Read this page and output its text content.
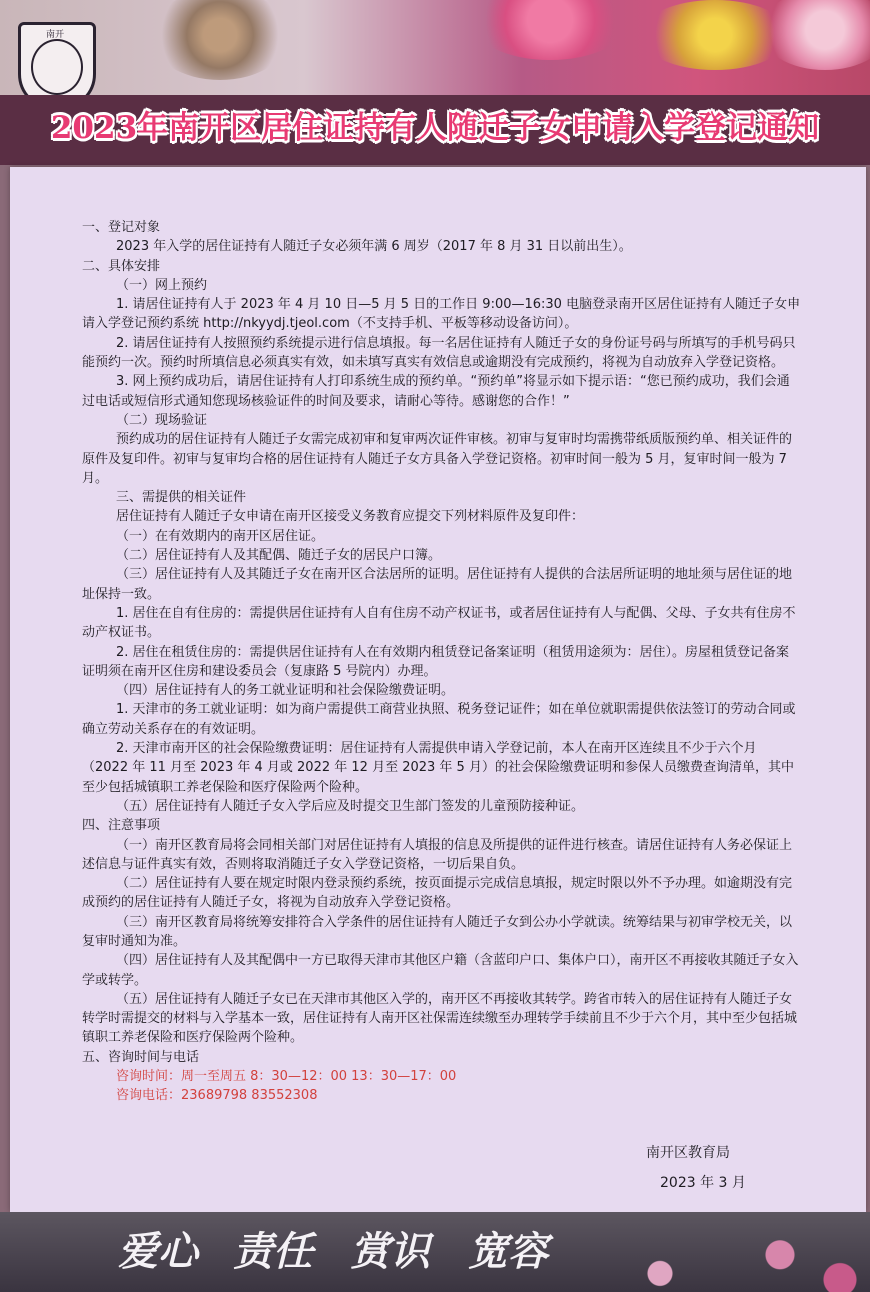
南开
2023年南开区居住证持有人随迁子女申请入学登记通知

一、登记对象

2023 年入学的居住证持有人随迁子女必须年满 6 周岁（2017 年 8 月 31 日以前出生）。

二、具体安排

（一）网上预约

1. 请居住证持有人于 2023 年 4 月 10 日—5 月 5 日的工作日 9:00—16:30 电脑登录南开区居住证持有人随迁子女申请入学登记预约系统 http://nkyydj.tjeol.com（不支持手机、平板等移动设备访问）。

2. 请居住证持有人按照预约系统提示进行信息填报。每一名居住证持有人随迁子女的身份证号码与所填写的手机号码只能预约一次。预约时所填信息必须真实有效，如未填写真实有效信息或逾期没有完成预约，将视为自动放弃入学登记资格。

3. 网上预约成功后，请居住证持有人打印系统生成的预约单。“预约单”将显示如下提示语：“您已预约成功，我们会通过电话或短信形式通知您现场核验证件的时间及要求，请耐心等待。感谢您的合作！”

（二）现场验证

预约成功的居住证持有人随迁子女需完成初审和复审两次证件审核。初审与复审时均需携带纸质版预约单、相关证件的原件及复印件。初审与复审均合格的居住证持有人随迁子女方具备入学登记资格。初审时间一般为 5 月，复审时间一般为 7 月。

三、需提供的相关证件

居住证持有人随迁子女申请在南开区接受义务教育应提交下列材料原件及复印件：

（一）在有效期内的南开区居住证。

（二）居住证持有人及其配偶、随迁子女的居民户口簿。

（三）居住证持有人及其随迁子女在南开区合法居所的证明。居住证持有人提供的合法居所证明的地址须与居住证的地址保持一致。

1. 居住在自有住房的：需提供居住证持有人自有住房不动产权证书，或者居住证持有人与配偶、父母、子女共有住房不动产权证书。

2. 居住在租赁住房的：需提供居住证持有人在有效期内租赁登记备案证明（租赁用途须为：居住）。房屋租赁登记备案证明须在南开区住房和建设委员会（复康路 5 号院内）办理。

（四）居住证持有人的务工就业证明和社会保险缴费证明。

1. 天津市的务工就业证明：如为商户需提供工商营业执照、税务登记证件；如在单位就职需提供依法签订的劳动合同或确立劳动关系存在的有效证明。

2. 天津市南开区的社会保险缴费证明：居住证持有人需提供申请入学登记前，本人在南开区连续且不少于六个月（2022 年 11 月至 2023 年 4 月或 2022 年 12 月至 2023 年 5 月）的社会保险缴费证明和参保人员缴费查询清单，其中至少包括城镇职工养老保险和医疗保险两个险种。

（五）居住证持有人随迁子女入学后应及时提交卫生部门签发的儿童预防接种证。

四、注意事项

（一）南开区教育局将会同相关部门对居住证持有人填报的信息及所提供的证件进行核查。请居住证持有人务必保证上述信息与证件真实有效，否则将取消随迁子女入学登记资格，一切后果自负。

（二）居住证持有人要在规定时限内登录预约系统，按页面提示完成信息填报，规定时限以外不予办理。如逾期没有完成预约的居住证持有人随迁子女，将视为自动放弃入学登记资格。

（三）南开区教育局将统筹安排符合入学条件的居住证持有人随迁子女到公办小学就读。统筹结果与初审学校无关，以复审时通知为准。

（四）居住证持有人及其配偶中一方已取得天津市其他区户籍（含蓝印户口、集体户口），南开区不再接收其随迁子女入学或转学。

（五）居住证持有人随迁子女已在天津市其他区入学的，南开区不再接收其转学。跨省市转入的居住证持有人随迁子女转学时需提交的材料与入学基本一致，居住证持有人南开区社保需连续缴至办理转学手续前且不少于六个月，其中至少包括城镇职工养老保险和医疗保险两个险种。

五、咨询时间与电话

咨询时间：周一至周五 8：30—12：00 13：30—17：00

咨询电话：23689798 83552308

南开区教育局
2023 年 3 月
爱心 责任 赏识 宽容
